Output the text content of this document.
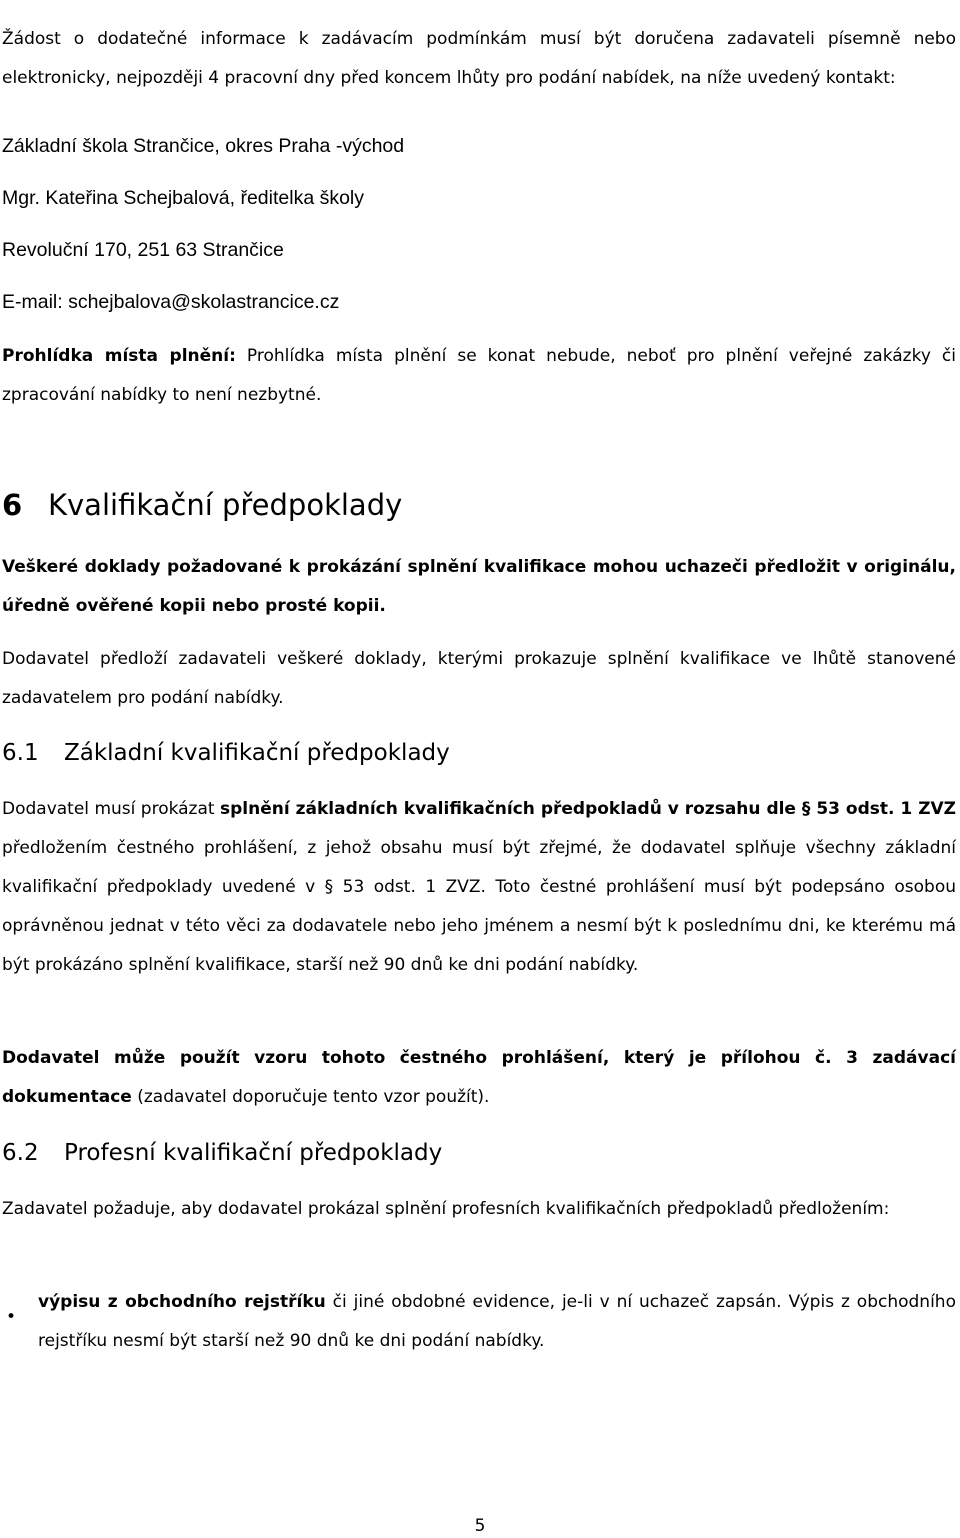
Žádost o dodatečné informace k zadávacím podmínkám musí být doručena zadavateli písemně nebo elektronicky, nejpozději 4 pracovní dny před koncem lhůty pro podání nabídek, na níže uvedený kontakt:

Základní škola Strančice, okres Praha -východ

Mgr. Kateřina Schejbalová, ředitelka školy

Revoluční 170, 251 63 Strančice

E-mail: schejbalova@skolastrancice.cz

Prohlídka místa plnění: Prohlídka místa plnění se konat nebude, neboť pro plnění veřejné zakázky či zpracování nabídky to není nezbytné.

6 Kvalifikační předpoklady

Veškeré doklady požadované k prokázání splnění kvalifikace mohou uchazeči předložit v originálu, úředně ověřené kopii nebo prosté kopii.

Dodavatel předloží zadavateli veškeré doklady, kterými prokazuje splnění kvalifikace ve lhůtě stanovené zadavatelem pro podání nabídky.

6.1 Základní kvalifikační předpoklady

Dodavatel musí prokázat splnění základních kvalifikačních předpokladů v rozsahu dle § 53 odst. 1 ZVZ předložením čestného prohlášení, z jehož obsahu musí být zřejmé, že dodavatel splňuje všechny základní kvalifikační předpoklady uvedené v § 53 odst. 1 ZVZ. Toto čestné prohlášení musí být podepsáno osobou oprávněnou jednat v této věci za dodavatele nebo jeho jménem a nesmí být k poslednímu dni, ke kterému má být prokázáno splnění kvalifikace, starší než 90 dnů ke dni podání nabídky.

Dodavatel může použít vzoru tohoto čestného prohlášení, který je přílohou č. 3 zadávací dokumentace (zadavatel doporučuje tento vzor použít).

6.2 Profesní kvalifikační předpoklady

Zadavatel požaduje, aby dodavatel prokázal splnění profesních kvalifikačních předpokladů předložením:

•

výpisu z obchodního rejstříku či jiné obdobné evidence, je-li v ní uchazeč zapsán. Výpis z obchodního rejstříku nesmí být starší než 90 dnů ke dni podání nabídky.

5
